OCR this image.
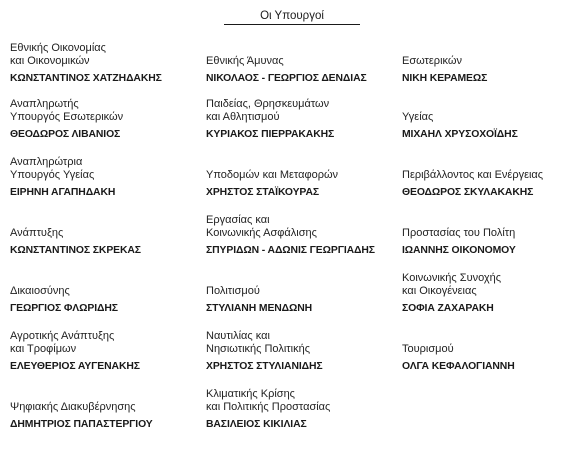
Οι Υπουργοί
Εθνικής Οικονομίας
και Οικονομικών
ΚΩΝΣΤΑΝΤΙΝΟΣ ΧΑΤΖΗΔΑΚΗΣ
Αναπληρωτής
Υπουργός Εσωτερικών
ΘΕΟΔΩΡΟΣ ΛΙΒΑΝΙΟΣ
Αναπληρώτρια
Υπουργός Υγείας
ΕΙΡΗΝΗ ΑΓΑΠΗΔΑΚΗ
Ανάπτυξης
ΚΩΝΣΤΑΝΤΙΝΟΣ ΣΚΡΕΚΑΣ
Δικαιοσύνης
ΓΕΩΡΓΙΟΣ ΦΛΩΡΙΔΗΣ
Αγροτικής Ανάπτυξης
και Τροφίμων
ΕΛΕΥΘΕΡΙΟΣ ΑΥΓΕΝΑΚΗΣ
Ψηφιακής Διακυβέρνησης
ΔΗΜΗΤΡΙΟΣ ΠΑΠΑΣΤΕΡΓΙΟΥ
Εθνικής Άμυνας
ΝΙΚΟΛΑΟΣ - ΓΕΩΡΓΙΟΣ ΔΕΝΔΙΑΣ
Παιδείας, Θρησκευμάτων
και Αθλητισμού
ΚΥΡΙΑΚΟΣ ΠΙΕΡΡΑΚΑΚΗΣ
Υποδομών και Μεταφορών
ΧΡΗΣΤΟΣ ΣΤΑΪΚΟΥΡΑΣ
Εργασίας και
Κοινωνικής Ασφάλισης
ΣΠΥΡΙΔΩΝ - ΑΔΩΝΙΣ ΓΕΩΡΓΙΑΔΗΣ
Πολιτισμού
ΣΤΥΛΙΑΝΗ ΜΕΝΔΩΝΗ
Ναυτιλίας και
Νησιωτικής Πολιτικής
ΧΡΗΣΤΟΣ ΣΤΥΛΙΑΝΙΔΗΣ
Κλιματικής Κρίσης
και Πολιτικής Προστασίας
ΒΑΣΙΛΕΙΟΣ ΚΙΚΙΛΙΑΣ
Εσωτερικών
ΝΙΚΗ ΚΕΡΑΜΕΩΣ
Υγείας
ΜΙΧΑΗΛ ΧΡΥΣΟΧΟΪΔΗΣ
Περιβάλλοντος και Ενέργειας
ΘΕΟΔΩΡΟΣ ΣΚΥΛΑΚΑΚΗΣ
Προστασίας του Πολίτη
ΙΩΑΝΝΗΣ ΟΙΚΟΝΟΜΟΥ
Κοινωνικής Συνοχής
και Οικογένειας
ΣΟΦΙΑ ΖΑΧΑΡΑΚΗ
Τουρισμού
ΟΛΓΑ ΚΕΦΑΛΟΓΙΑΝΝΗ
